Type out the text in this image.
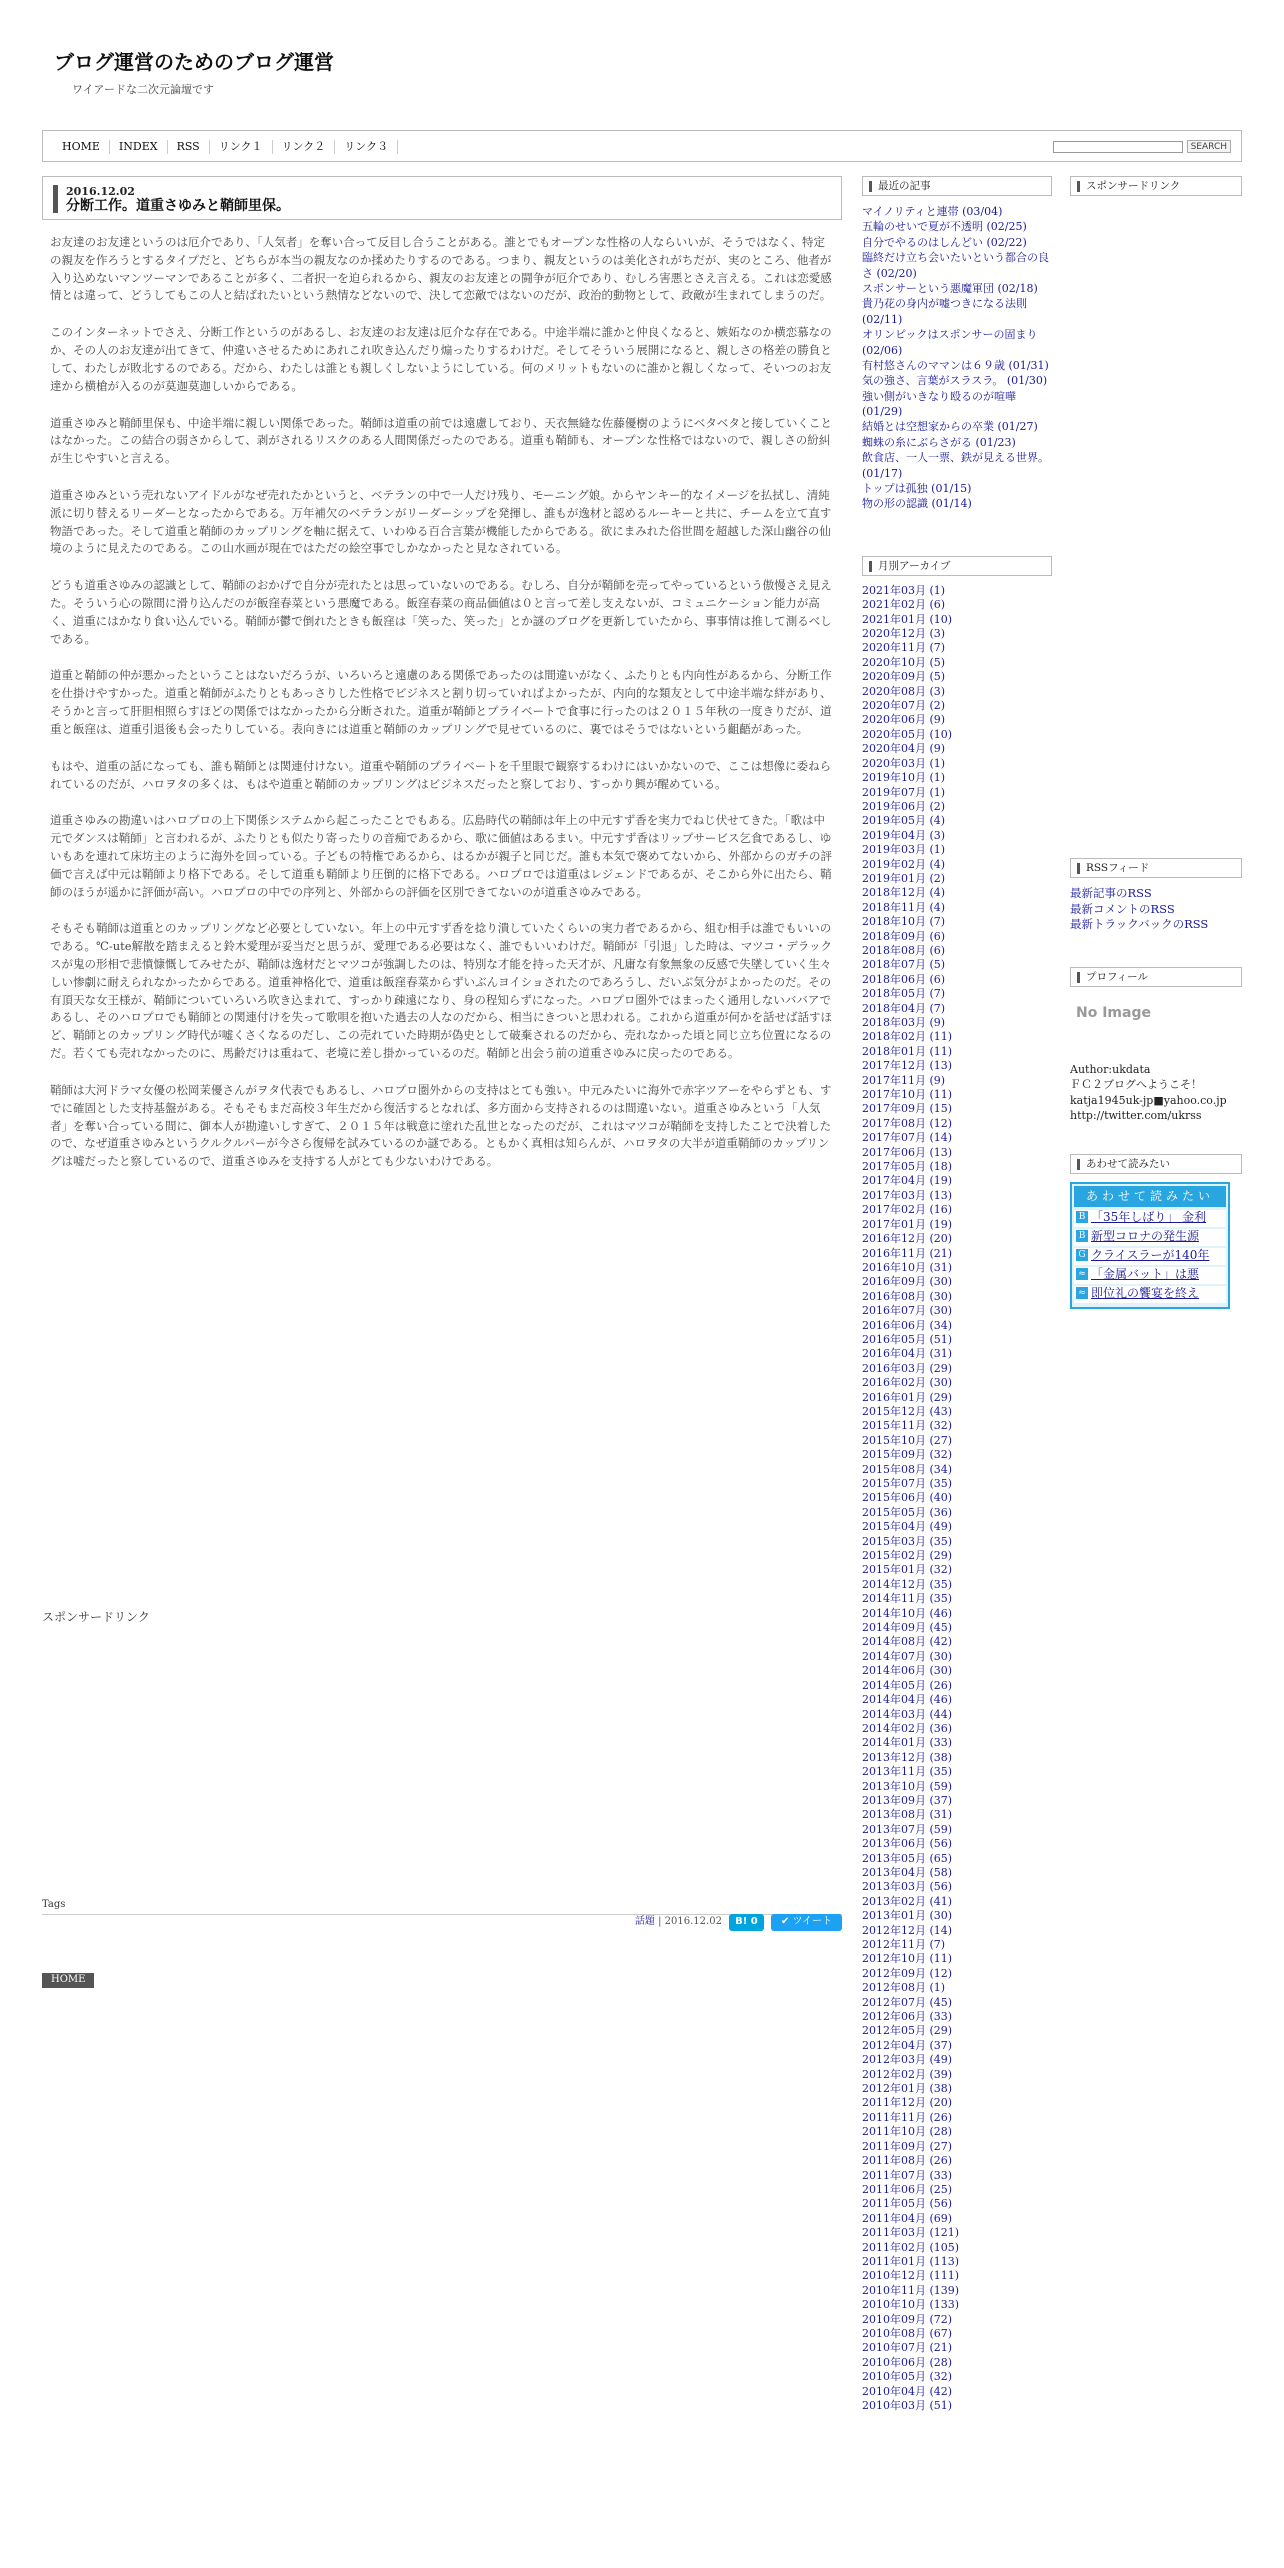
ブログ運営のためのブログ運営
ワイアードな二次元論壇です
HOME	INDEX	RSS	リンク１	リンク２	リンク３	SEARCH
2016.12.02
分断工作。道重さゆみと鞘師里保。

お友達のお友達というのは厄介であり、「人気者」を奪い合って反目し合うことがある。誰とでもオープンな性格の人ならいいが、そうではなく、特定の親友を作ろうとするタイプだと、どちらが本当の親友なのか揉めたりするのである。つまり、親友というのは美化されがちだが、実のところ、他者が入り込めないマンツーマンであることが多く、二者択一を迫られるから、親友のお友達との闘争が厄介であり、むしろ害悪とさえ言える。これは恋愛感情とは違って、どうしてもこの人と結ばれたいという熱情などないので、決して恋敵ではないのだが、政治的動物として、政敵が生まれてしまうのだ。

このインターネットでさえ、分断工作というのがあるし、お友達のお友達は厄介な存在である。中途半端に誰かと仲良くなると、嫉妬なのか横恋慕なのか、その人のお友達が出てきて、仲違いさせるためにあれこれ吹き込んだり煽ったりするわけだ。そしてそういう展開になると、親しさの格差の勝負として、わたしが敗北するのである。だから、わたしは誰とも親しくしないようにしている。何のメリットもないのに誰かと親しくなって、そいつのお友達から横槍が入るのが莫迦莫迦しいからである。

道重さゆみと鞘師里保も、中途半端に親しい関係であった。鞘師は道重の前では遠慮しており、天衣無縫な佐藤優樹のようにベタベタと接していくことはなかった。この結合の弱さからして、剥がされるリスクのある人間関係だったのである。道重も鞘師も、オープンな性格ではないので、親しさの紛糾が生じやすいと言える。

道重さゆみという売れないアイドルがなぜ売れたかというと、ベテランの中で一人だけ残り、モーニング娘。からヤンキー的なイメージを払拭し、清純派に切り替えるリーダーとなったからである。万年補欠のベテランがリーダーシップを発揮し、誰もが逸材と認めるルーキーと共に、チームを立て直す物語であった。そして道重と鞘師のカップリングを軸に据えて、いわゆる百合言葉が機能したからである。欲にまみれた俗世間を超越した深山幽谷の仙境のように見えたのである。この山水画が現在ではただの絵空事でしかなかったと見なされている。

どうも道重さゆみの認識として、鞘師のおかげで自分が売れたとは思っていないのである。むしろ、自分が鞘師を売ってやっているという傲慢さえ見えた。そういう心の隙間に滑り込んだのが飯窪春菜という悪魔である。飯窪春菜の商品価値は０と言って差し支えないが、コミュニケーション能力が高く、道重にはかなり食い込んでいる。鞘師が鬱で倒れたときも飯窪は「笑った、笑った」とか謎のブログを更新していたから、事事情は推して測るべしである。

道重と鞘師の仲が悪かったということはないだろうが、いろいろと遠慮のある関係であったのは間違いがなく、ふたりとも内向性があるから、分断工作を仕掛けやすかった。道重と鞘師がふたりともあっさりした性格でビジネスと割り切っていればよかったが、内向的な類友として中途半端な絆があり、そうかと言って肝胆相照らすほどの関係ではなかったから分断された。道重が鞘師とプライベートで食事に行ったのは２０１５年秋の一度きりだが、道重と飯窪は、道重引退後も会ったりしている。表向きには道重と鞘師のカップリングで見せているのに、裏ではそうではないという齟齬があった。

もはや、道重の話になっても、誰も鞘師とは関連付けない。道重や鞘師のプライベートを千里眼で観察するわけにはいかないので、ここは想像に委ねられているのだが、ハロヲタの多くは、もはや道重と鞘師のカップリングはビジネスだったと察しており、すっかり興が醒めている。

道重さゆみの勘違いはハロプロの上下関係システムから起こったことでもある。広島時代の鞘師は年上の中元すず香を実力でねじ伏せてきた。「歌は中元でダンスは鞘師」と言われるが、ふたりとも似たり寄ったりの音痴であるから、歌に価値はあるまい。中元すず香はリップサービス乞食であるし、ゆいもあを連れて床坊主のように海外を回っている。子どもの特権であるから、はるかが親子と同じだ。誰も本気で褒めてないから、外部からのガチの評価で言えば中元は鞘師より格下である。そして道重も鞘師より圧倒的に格下である。ハロプロでは道重はレジェンドであるが、そこから外に出たら、鞘師のほうが遥かに評価が高い。ハロプロの中での序列と、外部からの評価を区別できてないのが道重さゆみである。

そもそも鞘師は道重とのカップリングなど必要としていない。年上の中元すず香を捻り潰していたくらいの実力者であるから、組む相手は誰でもいいのである。℃-ute解散を踏まえると鈴木愛理が妥当だと思うが、愛理である必要はなく、誰でもいいわけだ。鞘師が「引退」した時は、マツコ・デラックスが鬼の形相で悲憤慷慨してみせたが、鞘師は逸材だとマツコが強調したのは、特別な才能を持った天才が、凡庸な有象無象の反感で失墜していく生々しい惨劇に耐えられなかったからである。道重神格化で、道重は飯窪春菜からずいぶんヨイショされたのであろうし、だいぶ気分がよかったのだ。その有頂天な女王様が、鞘師についていろいろ吹き込まれて、すっかり疎遠になり、身の程知らずになった。ハロプロ圏外ではまったく通用しないババアであるし、そのハロプロでも鞘師との関連付けを失って歌唄を抱いた過去の人なのだから、相当にきついと思われる。これから道重が何かを話せば話すほど、鞘師とのカップリング時代が嘘くさくなるのだし、この売れていた時期が偽史として破棄されるのだから、売れなかった頃と同じ立ち位置になるのだ。若くても売れなかったのに、馬齢だけは重ねて、老境に差し掛かっているのだ。鞘師と出会う前の道重さゆみに戻ったのである。

鞘師は大河ドラマ女優の松岡茉優さんがヲタ代表でもあるし、ハロプロ圏外からの支持はとても強い。中元みたいに海外で赤字ツアーをやらずとも、すでに確固とした支持基盤がある。そもそもまだ高校３年生だから復活するとなれば、多方面から支持されるのは間違いない。道重さゆみという「人気者」を奪い合っている間に、御本人が勘違いしすぎて、２０１５年は戦意に塗れた乱世となったのだが、これはマツコが鞘師を支持したことで決着したので、なぜ道重さゆみというクルクルパーが今さら復帰を試みているのか謎である。ともかく真相は知らんが、ハロヲタの大半が道重鞘師のカップリングは嘘だったと察しているので、道重さゆみを支持する人がとても少ないわけである。

スポンサードリンク
Tags
話題 | 2016.12.02 B! 0 ✔ ツイート
HOME
最近の記事
マイノリティと連帯 (03/04)
五輪のせいで夏が不透明 (02/25)
自分でやるのはしんどい (02/22)
臨終だけ立ち会いたいという都合の良さ (02/20)
スポンサーという悪魔軍団 (02/18)
貴乃花の身内が嘘つきになる法則 (02/11)
オリンピックはスポンサーの固まり (02/06)
有村悠さんのママンは６９歳 (01/31)
気の強さ、言葉がスラスラ。 (01/30)
強い側がいきなり殴るのが喧嘩 (01/29)
結婚とは空想家からの卒業 (01/27)
蜘蛛の糸にぶらさがる (01/23)
飲食店、一人一票、鉄が見える世界。 (01/17)
トップは孤独 (01/15)
物の形の認識 (01/14)
月別アーカイブ
2021年03月 (1)
2021年02月 (6)
2021年01月 (10)
2020年12月 (3)
2020年11月 (7)
2020年10月 (5)
2020年09月 (5)
2020年08月 (3)
2020年07月 (2)
2020年06月 (9)
2020年05月 (10)
2020年04月 (9)
2020年03月 (1)
2019年10月 (1)
2019年07月 (1)
2019年06月 (2)
2019年05月 (4)
2019年04月 (3)
2019年03月 (1)
2019年02月 (4)
2019年01月 (2)
2018年12月 (4)
2018年11月 (4)
2018年10月 (7)
2018年09月 (6)
2018年08月 (6)
2018年07月 (5)
2018年06月 (6)
2018年05月 (7)
2018年04月 (7)
2018年03月 (9)
2018年02月 (11)
2018年01月 (11)
2017年12月 (13)
2017年11月 (9)
2017年10月 (11)
2017年09月 (15)
2017年08月 (12)
2017年07月 (14)
2017年06月 (13)
2017年05月 (18)
2017年04月 (19)
2017年03月 (13)
2017年02月 (16)
2017年01月 (19)
2016年12月 (20)
2016年11月 (21)
2016年10月 (31)
2016年09月 (30)
2016年08月 (30)
2016年07月 (30)
2016年06月 (34)
2016年05月 (51)
2016年04月 (31)
2016年03月 (29)
2016年02月 (30)
2016年01月 (29)
2015年12月 (43)
2015年11月 (32)
2015年10月 (27)
2015年09月 (32)
2015年08月 (34)
2015年07月 (35)
2015年06月 (40)
2015年05月 (36)
2015年04月 (49)
2015年03月 (35)
2015年02月 (29)
2015年01月 (32)
2014年12月 (35)
2014年11月 (35)
2014年10月 (46)
2014年09月 (45)
2014年08月 (42)
2014年07月 (30)
2014年06月 (30)
2014年05月 (26)
2014年04月 (46)
2014年03月 (44)
2014年02月 (36)
2014年01月 (33)
2013年12月 (38)
2013年11月 (35)
2013年10月 (59)
2013年09月 (37)
2013年08月 (31)
2013年07月 (59)
2013年06月 (56)
2013年05月 (65)
2013年04月 (58)
2013年03月 (56)
2013年02月 (41)
2013年01月 (30)
2012年12月 (14)
2012年11月 (7)
2012年10月 (11)
2012年09月 (12)
2012年08月 (1)
2012年07月 (45)
2012年06月 (33)
2012年05月 (29)
2012年04月 (37)
2012年03月 (49)
2012年02月 (39)
2012年01月 (38)
2011年12月 (20)
2011年11月 (26)
2011年10月 (28)
2011年09月 (27)
2011年08月 (26)
2011年07月 (33)
2011年06月 (25)
2011年05月 (56)
2011年04月 (69)
2011年03月 (121)
2011年02月 (105)
2011年01月 (113)
2010年12月 (111)
2010年11月 (139)
2010年10月 (133)
2010年09月 (72)
2010年08月 (67)
2010年07月 (21)
2010年06月 (28)
2010年05月 (32)
2010年04月 (42)
2010年03月 (51)
スポンサードリンク
RSSフィード
最新記事のRSS
最新コメントのRSS
最新トラックバックのRSS
プロフィール
No Image
Author:ukdata
ＦＣ２ブログへようこそ！
katja1945uk-jp■yahoo.co.jp
http://twitter.com/ukrss
あわせて読みたい
あわせて読みたい
B 「35年しばり」 金利
B 新型コロナの発生源
G クライスラーが140年
≈ 「金属バット」は悪
≈ 即位礼の饗宴を終え
